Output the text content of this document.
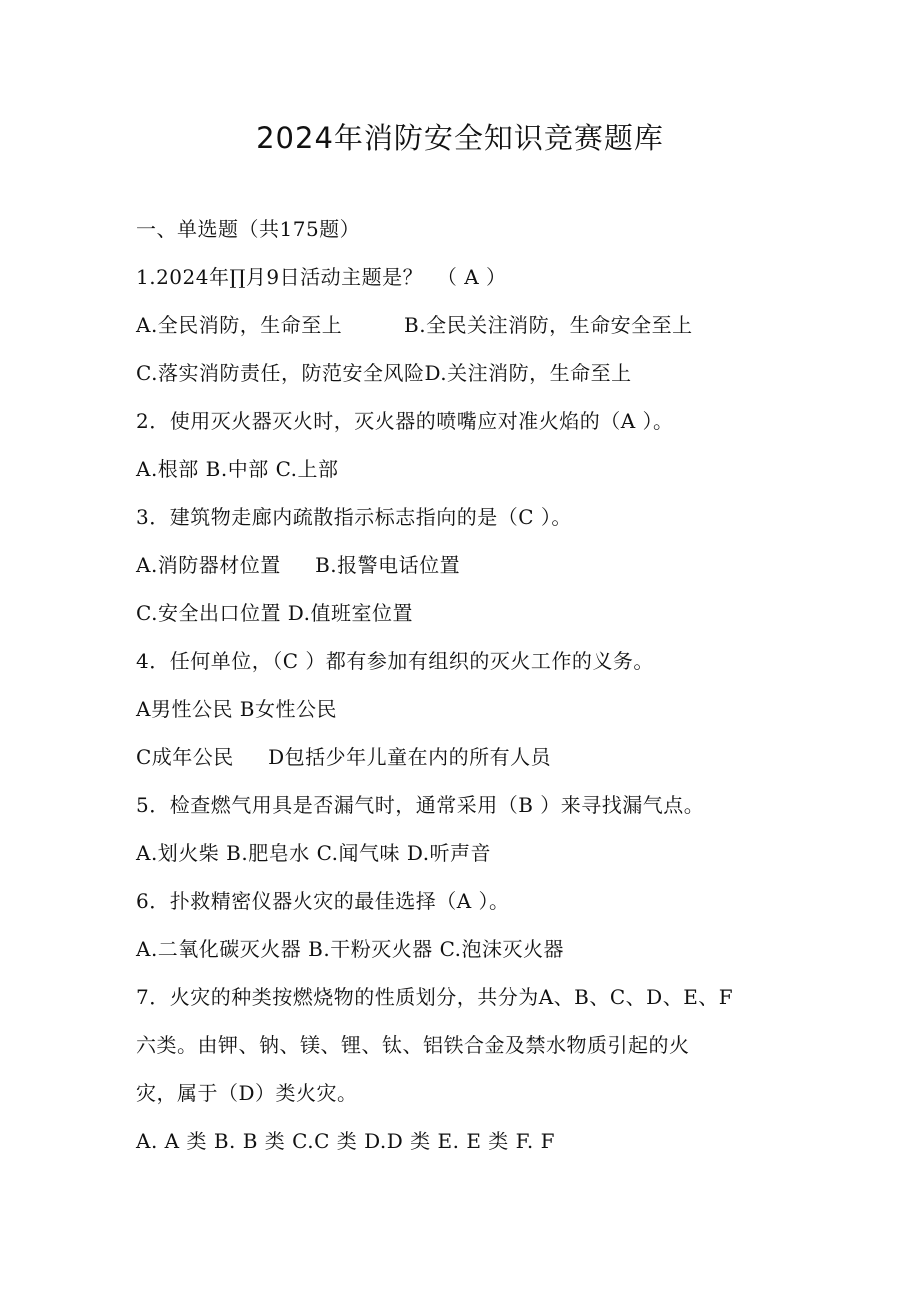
2024年消防安全知识竞赛题库
一、单选题（共175题）
1.2024年∏月9日活动主题是？  （ A ）
A.全民消防，生命至上         B.全民关注消防，生命安全至上
C.落实消防责任，防范安全风险D.关注消防，生命至上
2．使用灭火器灭火时，灭火器的喷嘴应对准火焰的（A ）。
A.根部 B.中部 C.上部
3．建筑物走廊内疏散指示标志指向的是（C ）。
A.消防器材位置     B.报警电话位置
C.安全出口位置 D.值班室位置
4．任何单位，（C ）都有参加有组织的灭火工作的义务。
A男性公民 B女性公民
C成年公民     D包括少年儿童在内的所有人员
5．检查燃气用具是否漏气时，通常采用（B ）来寻找漏气点。
A.划火柴 B.肥皂水 C.闻气味 D.听声音
6．扑救精密仪器火灾的最佳选择（A ）。
A.二氧化碳灭火器 B.干粉灭火器 C.泡沫灭火器
7．火灾的种类按燃烧物的性质划分，共分为A、B、C、D、E、F
六类。由钾、钠、镁、锂、钛、铝铁合金及禁水物质引起的火
灾，属于（D）类火灾。
A. A 类 B. B 类 C.C 类 D.D 类 E. E 类 F. F
